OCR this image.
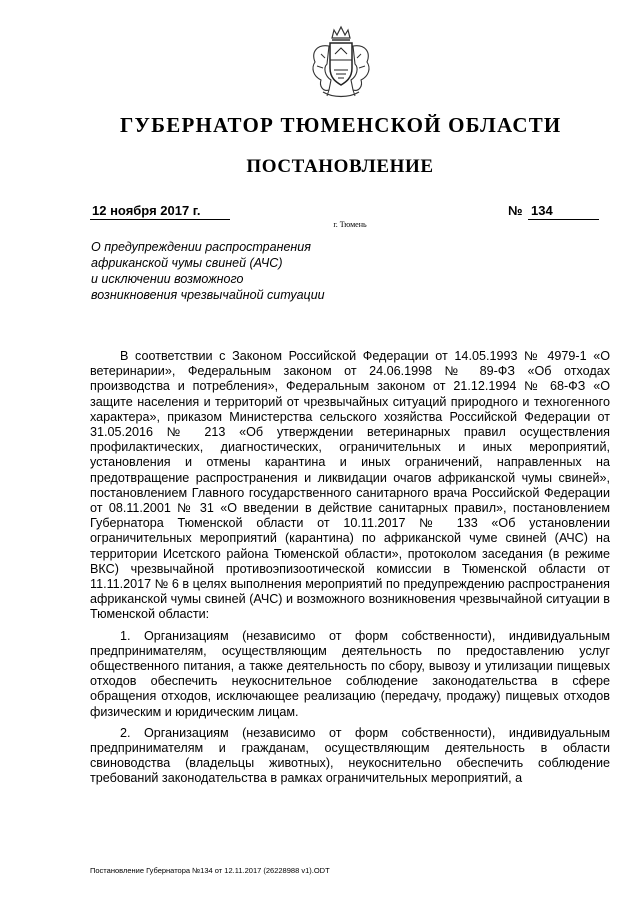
ГУБЕРНАТОР ТЮМЕНСКОЙ ОБЛАСТИ
ПОСТАНОВЛЕНИЕ
12 ноября 2017 г.	№ 134
г. Тюмень
О предупреждении распространения
африканской чумы свиней (АЧС)
и исключении возможного
возникновения чрезвычайной ситуации

В соответствии с Законом Российской Федерации от 14.05.1993 № 4979-1 «О ветеринарии», Федеральным законом от 24.06.1998 № 89-ФЗ «Об отходах производства и потребления», Федеральным законом от 21.12.1994 № 68-ФЗ «О защите населения и территорий от чрезвычайных ситуаций природного и техногенного характера», приказом Министерства сельского хозяйства Российской Федерации от 31.05.2016 № 213 «Об утверждении ветеринарных правил осуществления профилактических, диагностических, ограничительных и иных мероприятий, установления и отмены карантина и иных ограничений, направленных на предотвращение распространения и ликвидации очагов африканской чумы свиней», постановлением Главного государственного санитарного врача Российской Федерации от 08.11.2001 № 31 «О введении в действие санитарных правил», постановлением Губернатора Тюменской области от 10.11.2017 № 133 «Об установлении ограничительных мероприятий (карантина) по африканской чуме свиней (АЧС) на территории Исетского района Тюменской области», протоколом заседания (в режиме ВКС) чрезвычайной противоэпизоотической комиссии в Тюменской области от 11.11.2017 № 6 в целях выполнения мероприятий по предупреждению распространения африканской чумы свиней (АЧС) и возможного возникновения чрезвычайной ситуации в Тюменской области:

1. Организациям (независимо от форм собственности), индивидуальным предпринимателям, осуществляющим деятельность по предоставлению услуг общественного питания, а также деятельность по сбору, вывозу и утилизации пищевых отходов обеспечить неукоснительное соблюдение законодательства в сфере обращения отходов, исключающее реализацию (передачу, продажу) пищевых отходов физическим и юридическим лицам.

2. Организациям (независимо от форм собственности), индивидуальным предпринимателям и гражданам, осуществляющим деятельность в области свиноводства (владельцы животных), неукоснительно обеспечить соблюдение требований законодательства в рамках ограничительных мероприятий, а

Постановление Губернатора №134 от 12.11.2017 (26228988 v1).ODT
